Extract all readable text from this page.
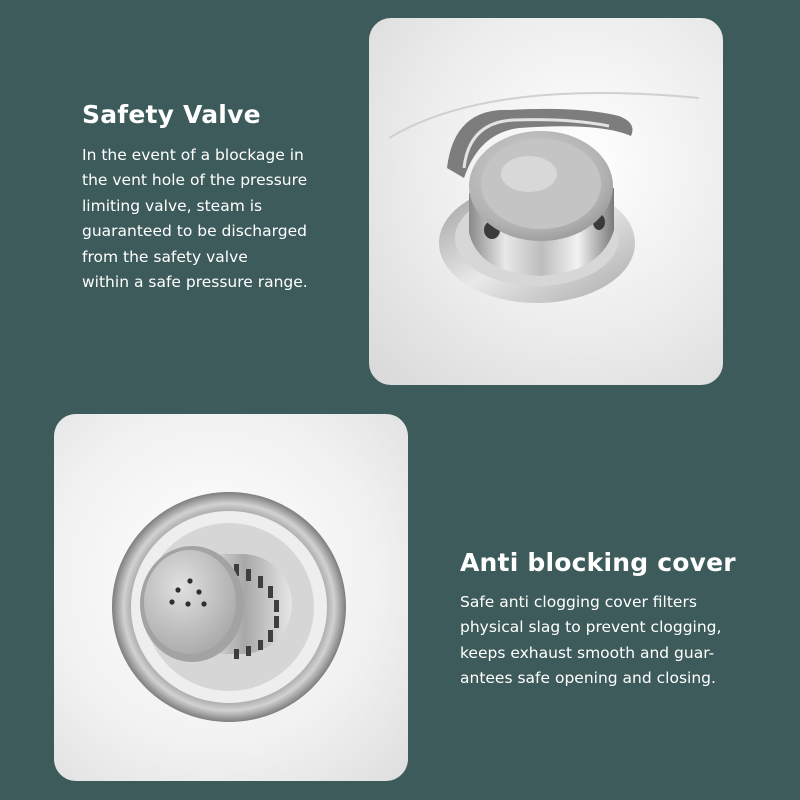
Safety Valve

In the event of a blockage in
the vent hole of the pressure
limiting valve, steam is
guaranteed to be discharged
from the safety valve
within a safe pressure range.

Anti blocking cover

Safe anti clogging cover filters
physical slag to prevent clogging,
keeps exhaust smooth and guar-
antees safe opening and closing.
